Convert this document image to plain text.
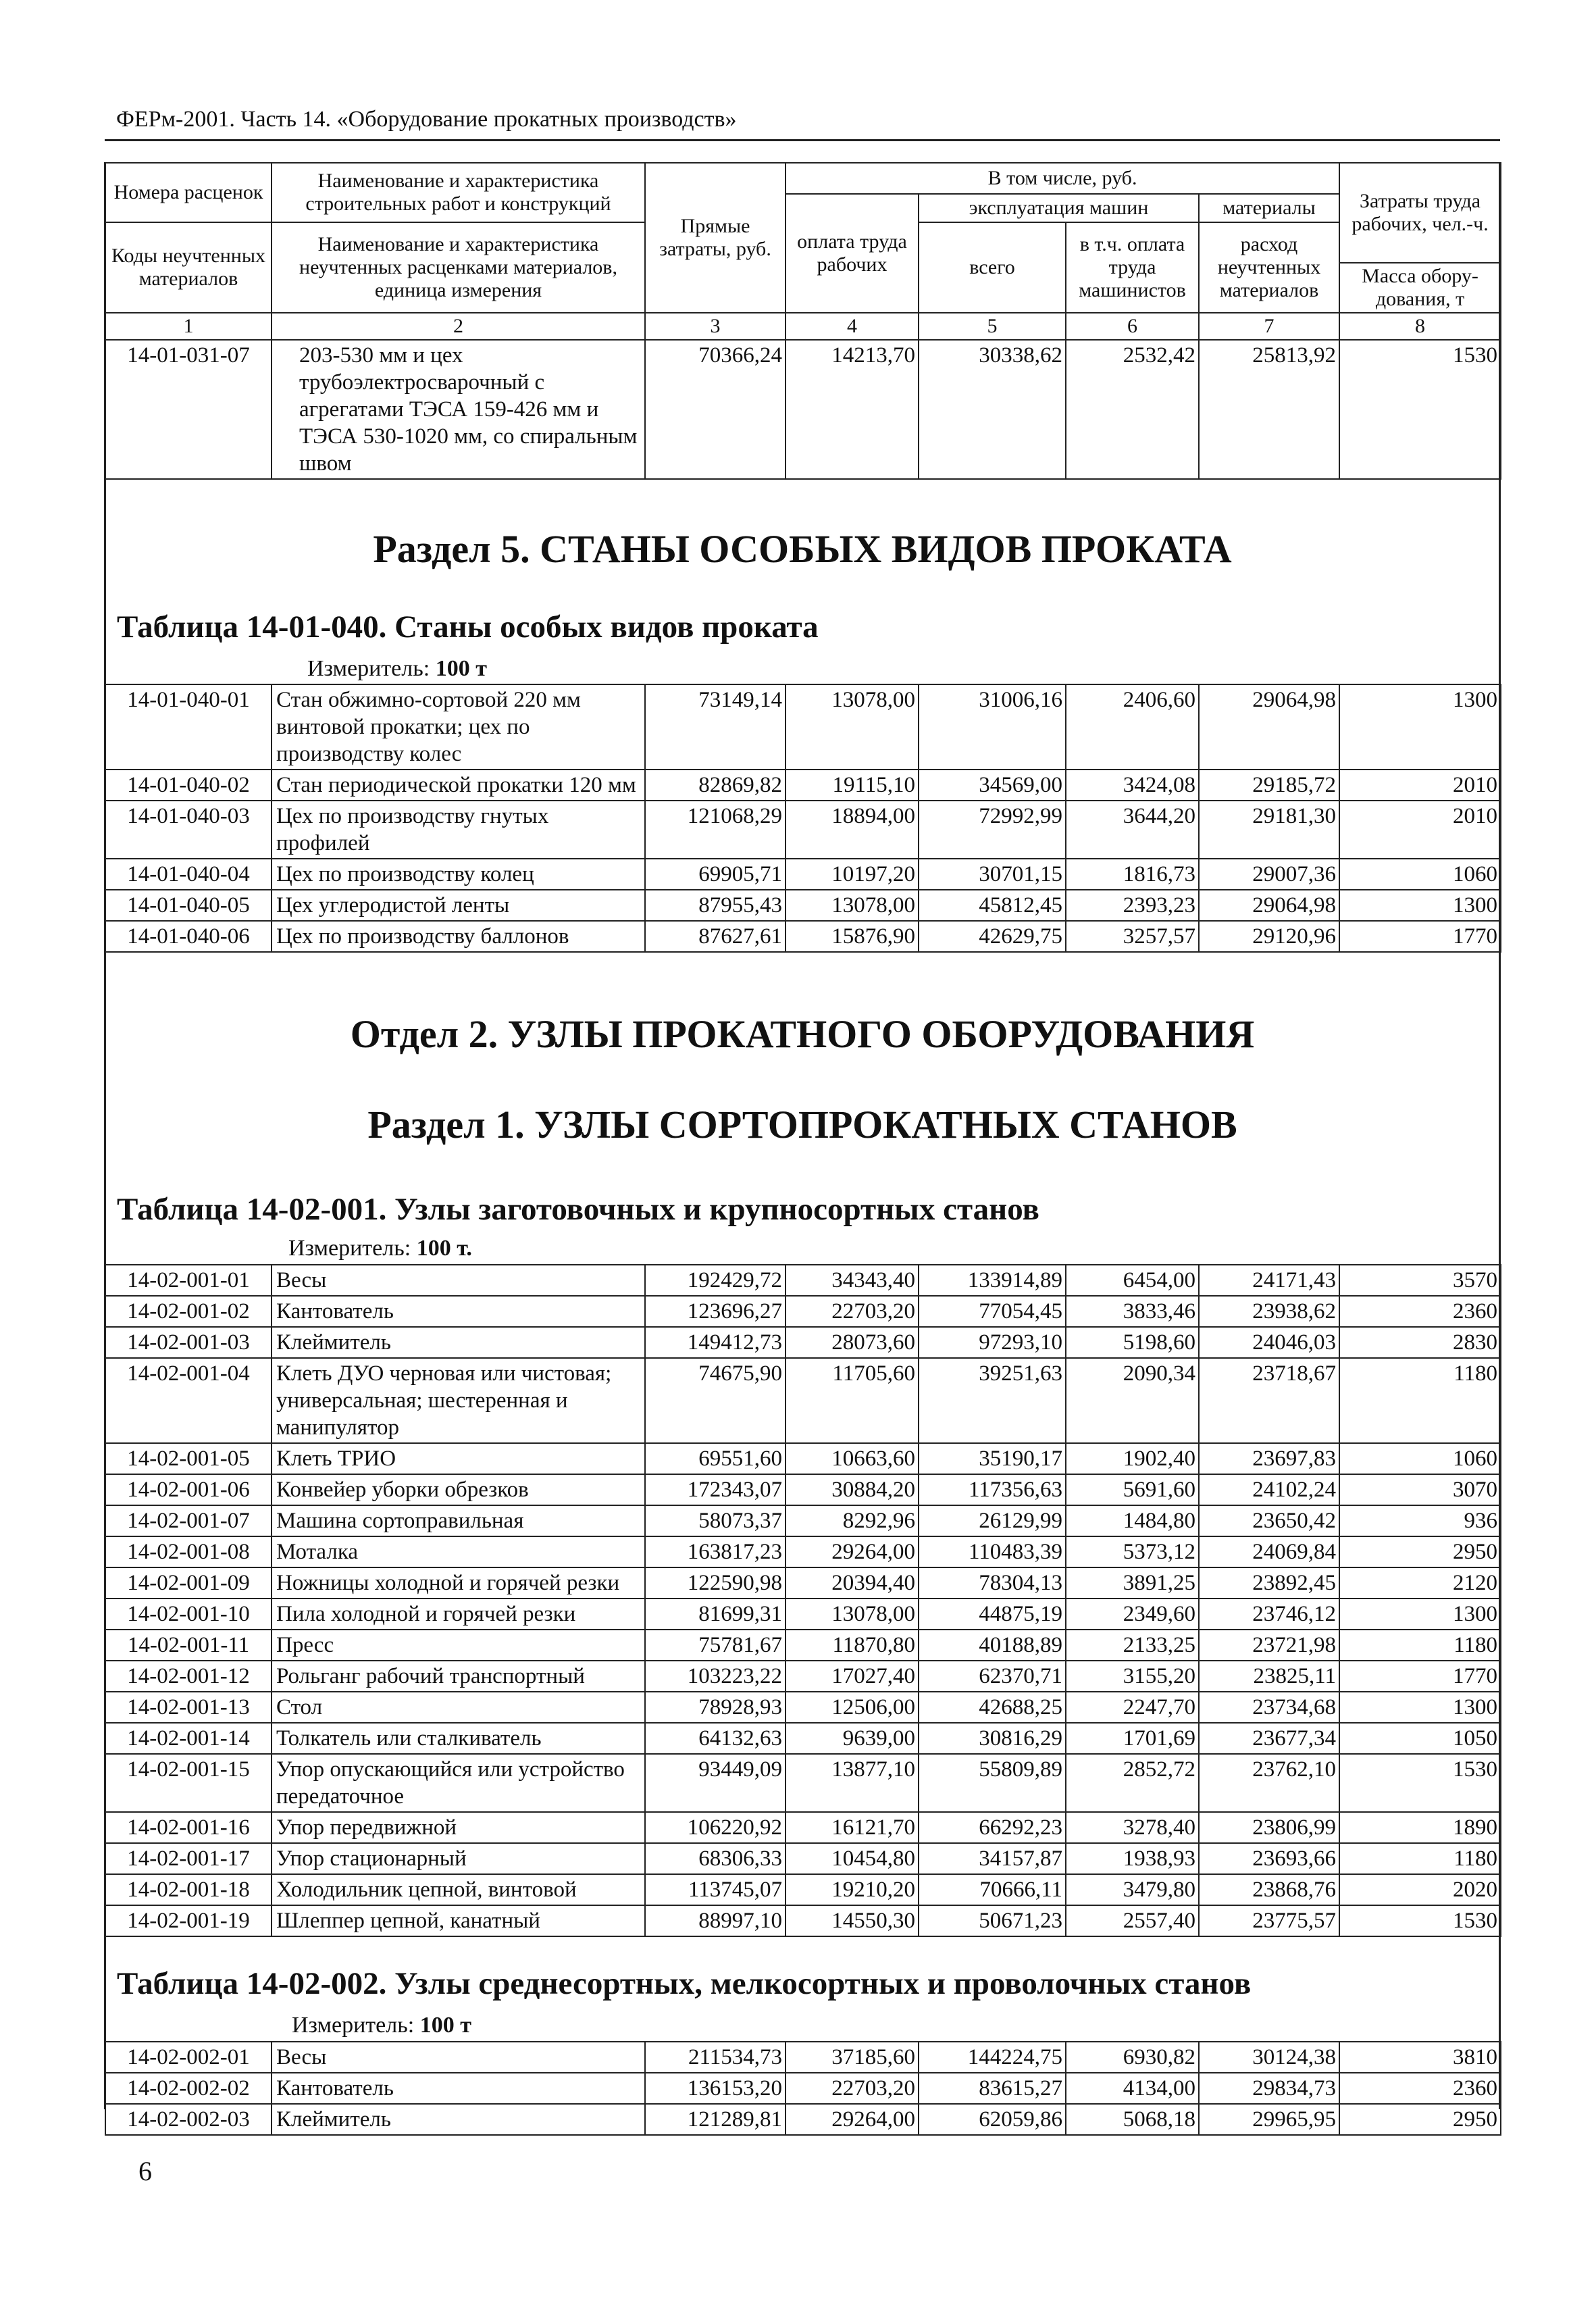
ФЕРм-2001. Часть 14. «Оборудование прокатных производств»
Номера расценок	Наименование и характеристика строительных работ и конструкций	Прямые затраты, руб.	В том числе, руб.				Затраты труда рабочих, чел.-ч.
			оплата труда рабочих	эксплуатация машин		материалы	
Коды неучтенных материалов	Наименование и характеристика неучтенных расценками материалов, единица измерения			всего	в т.ч. оплата труда машинистов	расход неучтенных материалов	
							Масса обору-дования, т
1	2	3	4	5	6	7	8
14-01-031-07	203-530 мм и цех трубоэлектросварочный с агрегатами ТЭСА 159-426 мм и ТЭСА 530-1020 мм, со спиральным швом	70366,24	14213,70	30338,62	2532,42	25813,92	1530
Раздел 5. СТАНЫ ОСОБЫХ ВИДОВ ПРОКАТА
Таблица 14-01-040. Станы особых видов проката
Измеритель: 100 т
14-01-040-01	Стан обжимно-сортовой 220 мм винтовой прокатки; цех по производству колес	73149,14	13078,00	31006,16	2406,60	29064,98	1300
14-01-040-02	Стан периодической прокатки 120 мм	82869,82	19115,10	34569,00	3424,08	29185,72	2010
14-01-040-03	Цех по производству гнутых профилей	121068,29	18894,00	72992,99	3644,20	29181,30	2010
14-01-040-04	Цех по производству колец	69905,71	10197,20	30701,15	1816,73	29007,36	1060
14-01-040-05	Цех углеродистой ленты	87955,43	13078,00	45812,45	2393,23	29064,98	1300
14-01-040-06	Цех по производству баллонов	87627,61	15876,90	42629,75	3257,57	29120,96	1770
Отдел 2. УЗЛЫ ПРОКАТНОГО ОБОРУДОВАНИЯ
Раздел 1. УЗЛЫ СОРТОПРОКАТНЫХ СТАНОВ
Таблица 14-02-001. Узлы заготовочных и крупносортных станов
Измеритель: 100 т.
14-02-001-01	Весы	192429,72	34343,40	133914,89	6454,00	24171,43	3570
14-02-001-02	Кантователь	123696,27	22703,20	77054,45	3833,46	23938,62	2360
14-02-001-03	Клеймитель	149412,73	28073,60	97293,10	5198,60	24046,03	2830
14-02-001-04	Клеть ДУО черновая или чистовая; универсальная; шестеренная и манипулятор	74675,90	11705,60	39251,63	2090,34	23718,67	1180
14-02-001-05	Клеть ТРИО	69551,60	10663,60	35190,17	1902,40	23697,83	1060
14-02-001-06	Конвейер уборки обрезков	172343,07	30884,20	117356,63	5691,60	24102,24	3070
14-02-001-07	Машина сортоправильная	58073,37	8292,96	26129,99	1484,80	23650,42	936
14-02-001-08	Моталка	163817,23	29264,00	110483,39	5373,12	24069,84	2950
14-02-001-09	Ножницы холодной и горячей резки	122590,98	20394,40	78304,13	3891,25	23892,45	2120
14-02-001-10	Пила холодной и горячей резки	81699,31	13078,00	44875,19	2349,60	23746,12	1300
14-02-001-11	Пресс	75781,67	11870,80	40188,89	2133,25	23721,98	1180
14-02-001-12	Рольганг рабочий транспортный	103223,22	17027,40	62370,71	3155,20	23825,11	1770
14-02-001-13	Стол	78928,93	12506,00	42688,25	2247,70	23734,68	1300
14-02-001-14	Толкатель или сталкиватель	64132,63	9639,00	30816,29	1701,69	23677,34	1050
14-02-001-15	Упор опускающийся или устройство передаточное	93449,09	13877,10	55809,89	2852,72	23762,10	1530
14-02-001-16	Упор передвижной	106220,92	16121,70	66292,23	3278,40	23806,99	1890
14-02-001-17	Упор стационарный	68306,33	10454,80	34157,87	1938,93	23693,66	1180
14-02-001-18	Холодильник цепной, винтовой	113745,07	19210,20	70666,11	3479,80	23868,76	2020
14-02-001-19	Шлеппер цепной, канатный	88997,10	14550,30	50671,23	2557,40	23775,57	1530
Таблица 14-02-002. Узлы среднесортных, мелкосортных и проволочных станов
Измеритель: 100 т
14-02-002-01	Весы	211534,73	37185,60	144224,75	6930,82	30124,38	3810
14-02-002-02	Кантователь	136153,20	22703,20	83615,27	4134,00	29834,73	2360
14-02-002-03	Клеймитель	121289,81	29264,00	62059,86	5068,18	29965,95	2950
6
